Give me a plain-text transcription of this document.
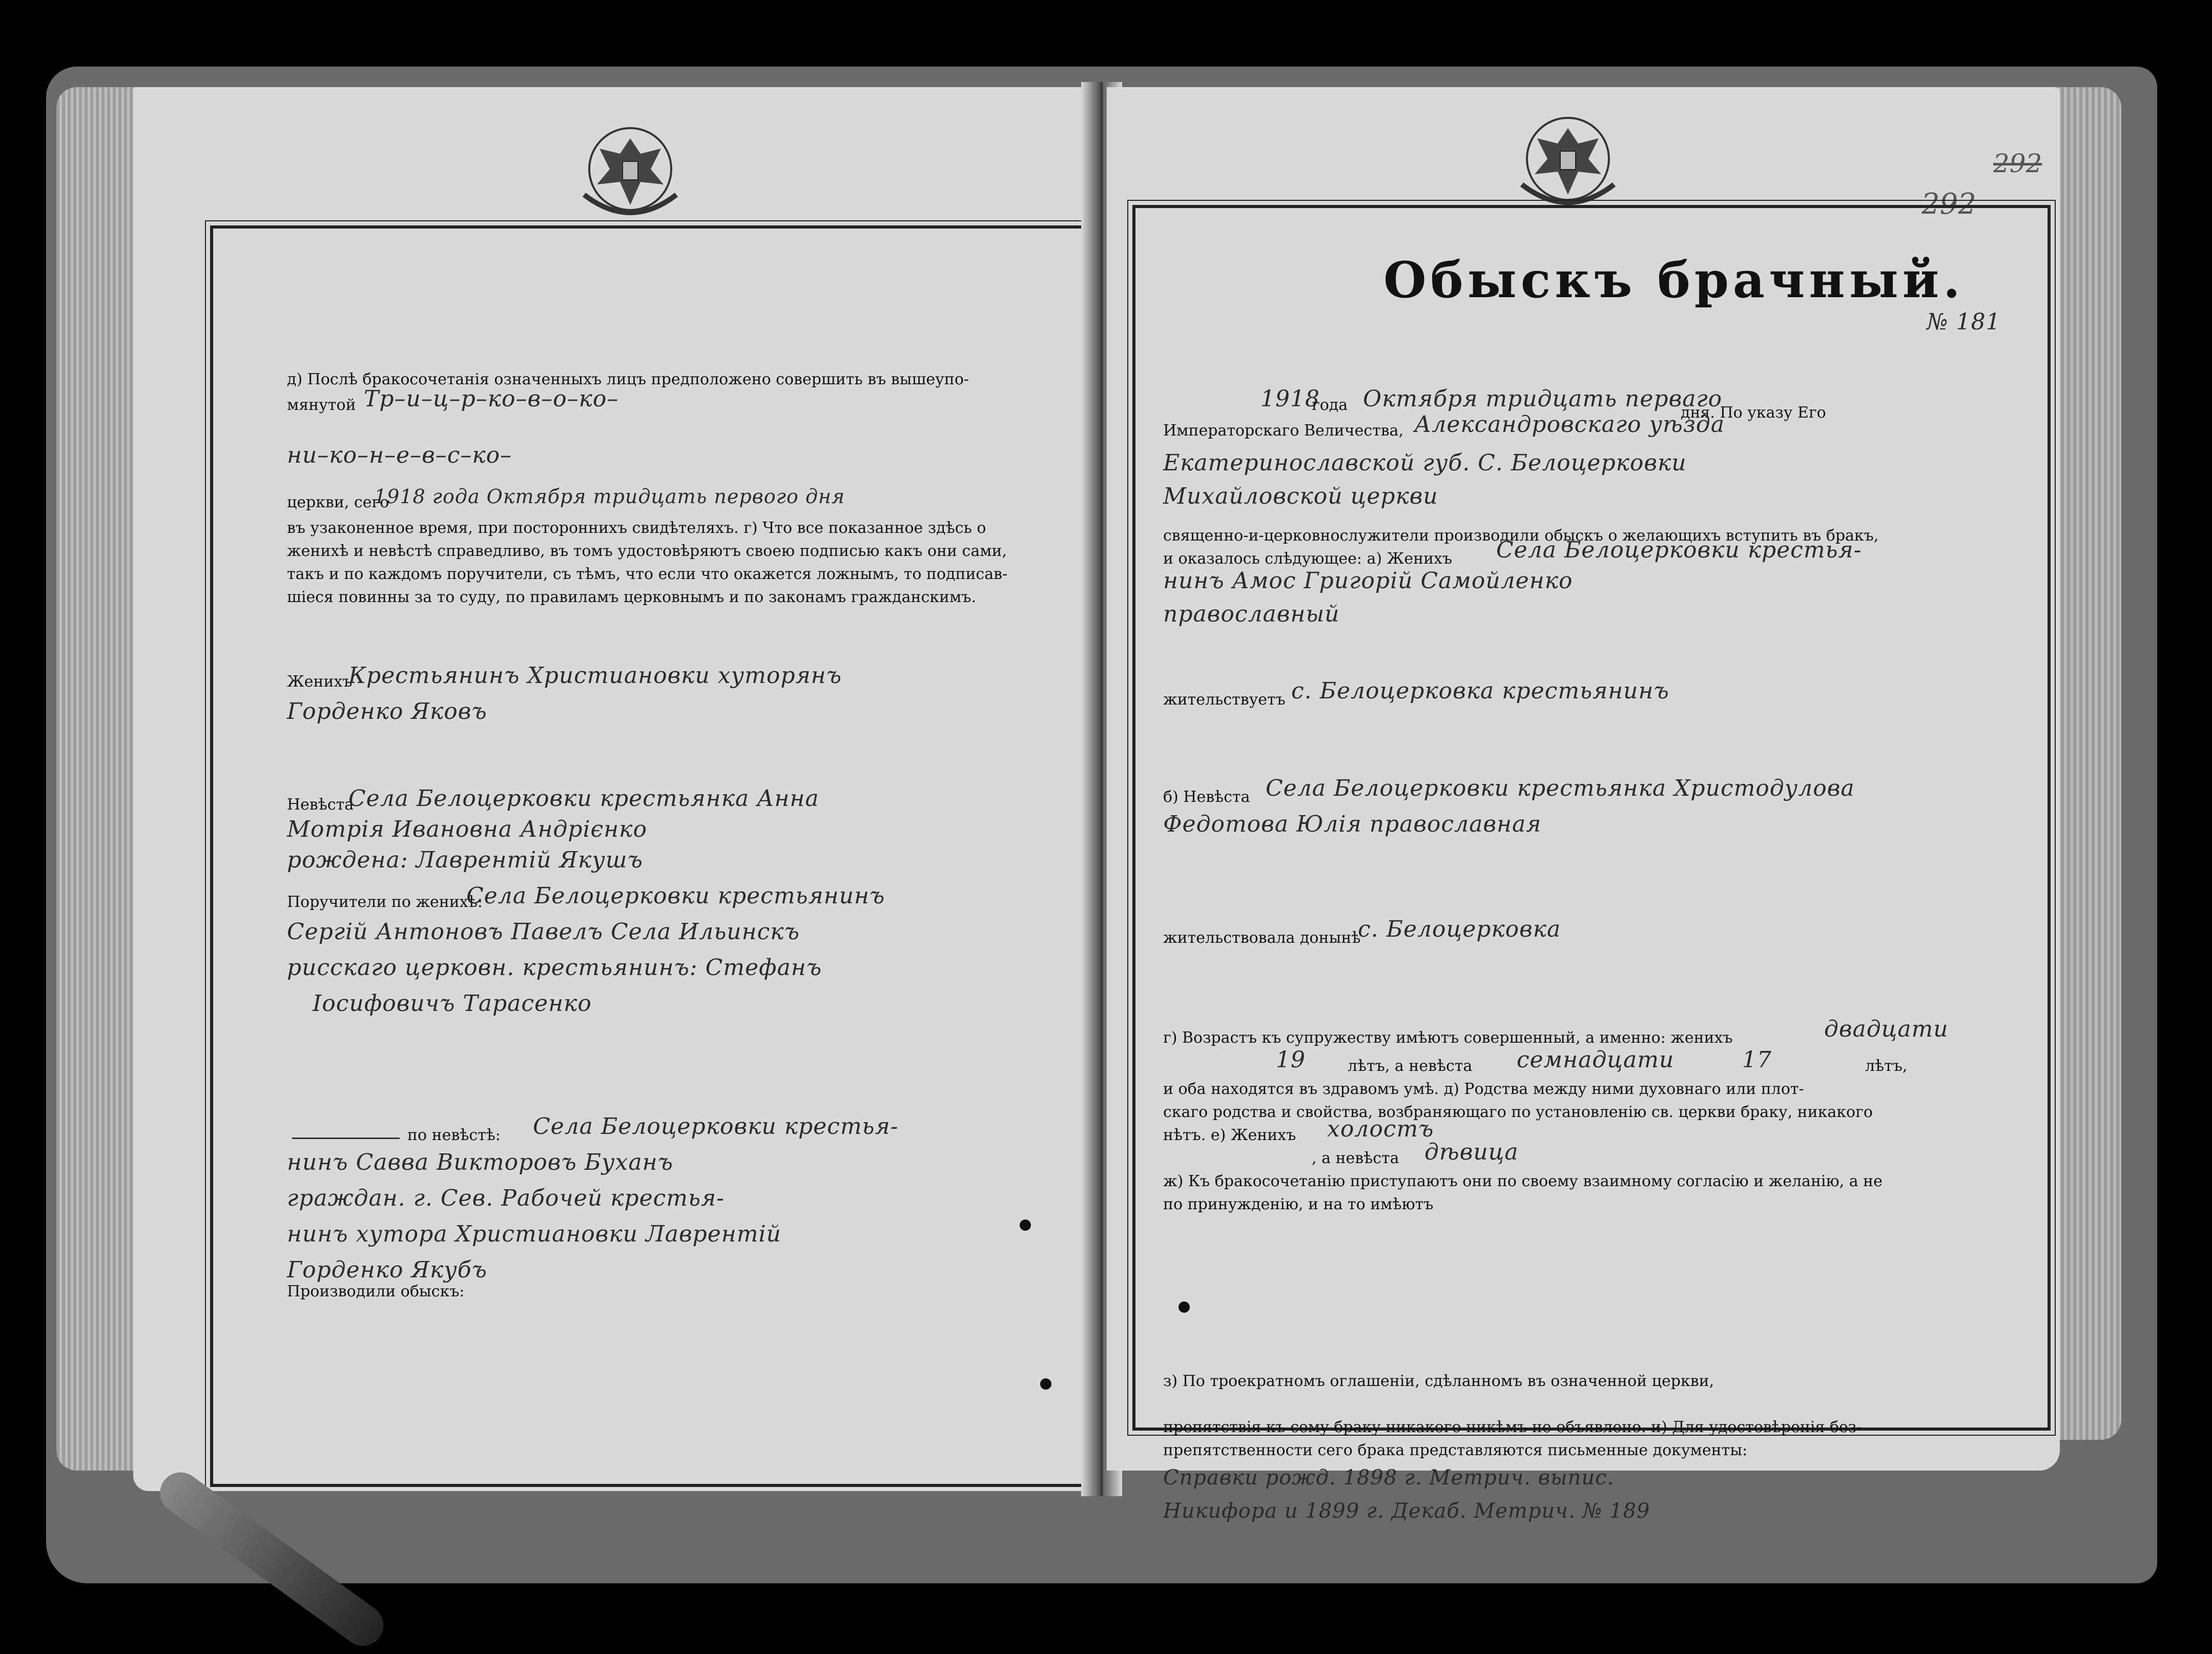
д) Послѣ бракосочетанія означенныхъ лицъ предположено совершить въ вышеупо-

мянутой Тр–и–ц–р–ко–в–о–ко–

ни–ко–н–е–в–с–ко–

церкви, сего

1918 года Октября тридцать первого дня

въ узаконенное время, при постороннихъ свидѣтеляхъ. г) Что все показанное здѣсь о

женихѣ и невѣстѣ справедливо, въ томъ удостовѣряютъ своею подписью какъ они сами,

такъ и по каждомъ поручители, съ тѣмъ, что если что окажется ложнымъ, то подписав-

шіеся повинны за то суду, по правиламъ церковнымъ и по законамъ гражданскимъ.

Женихъ

Крестьянинъ Христиановки хуторянъ

Горденко Яковъ

Невѣста

Села Белоцерковки крестьянка Анна

Мотрія Ивановна Андрієнко

рождена: Лаврентій Якушъ

Поручители по женихѣ:

Села Белоцерковки крестьянинъ

Сергій Антоновъ Павелъ Села Ильинскъ

рисскаго церковн. крестьянинъ: Стефанъ

Іосифовичъ Тарасенко

по невѣстѣ: Села Белоцерковки крестья-

нинъ Савва Викторовъ Буханъ

граждан. г. Сев. Рабочей крестья-

нинъ хутора Христиановки Лаврентій

Горденко Якубъ

Производили обыскъ:

292

292

Обыскъ брачный.

№ 181

1918

года Октября тридцать перваго

дня. По указу Его

Императорскаго Величества, Александровскаго уѣзда

Екатеринославской губ. С. Белоцерковки

Михайловской церкви

священно-и-церковнослужители производили обыскъ о желающихъ вступить въ бракъ,

и оказалось слѣдующее: а) Женихъ Села Белоцерковки крестья-

нинъ Амос Григорій Самойленко

православный

жительствуетъ с. Белоцерковка крестьянинъ

б) Невѣста Села Белоцерковки крестьянка Христодулова

Федотова Юлія православная

жительствовала донынѣ

с. Белоцерковка

г) Возрастъ къ супружеству имѣютъ совершенный, а именно: женихъ	двадцати

19	лѣтъ, а невѣста семнадцати	17	лѣтъ,

и оба находятся въ здравомъ умѣ. д) Родства между ними духовнаго или плот-

скаго родства и свойства, возбраняющаго по установленію св. церкви браку, никакого

нѣтъ. е) Женихъ холостъ

, а невѣста дѣвица

ж) Къ бракосочетанію приступаютъ они по своему взаимному согласію и желанію, а не

по принужденію, и на то имѣютъ

з) По троекратномъ оглашеніи, сдѣланномъ въ означенной церкви,

препятствія къ сему браку никакого никѣмъ не объявлено. и) Для удостовѣренія без-

препятственности сего брака представляются письменные документы:

Справки рожд. 1898 г. Метрич. выпис.

Никифора и 1899 г. Декаб. Метрич. № 189
